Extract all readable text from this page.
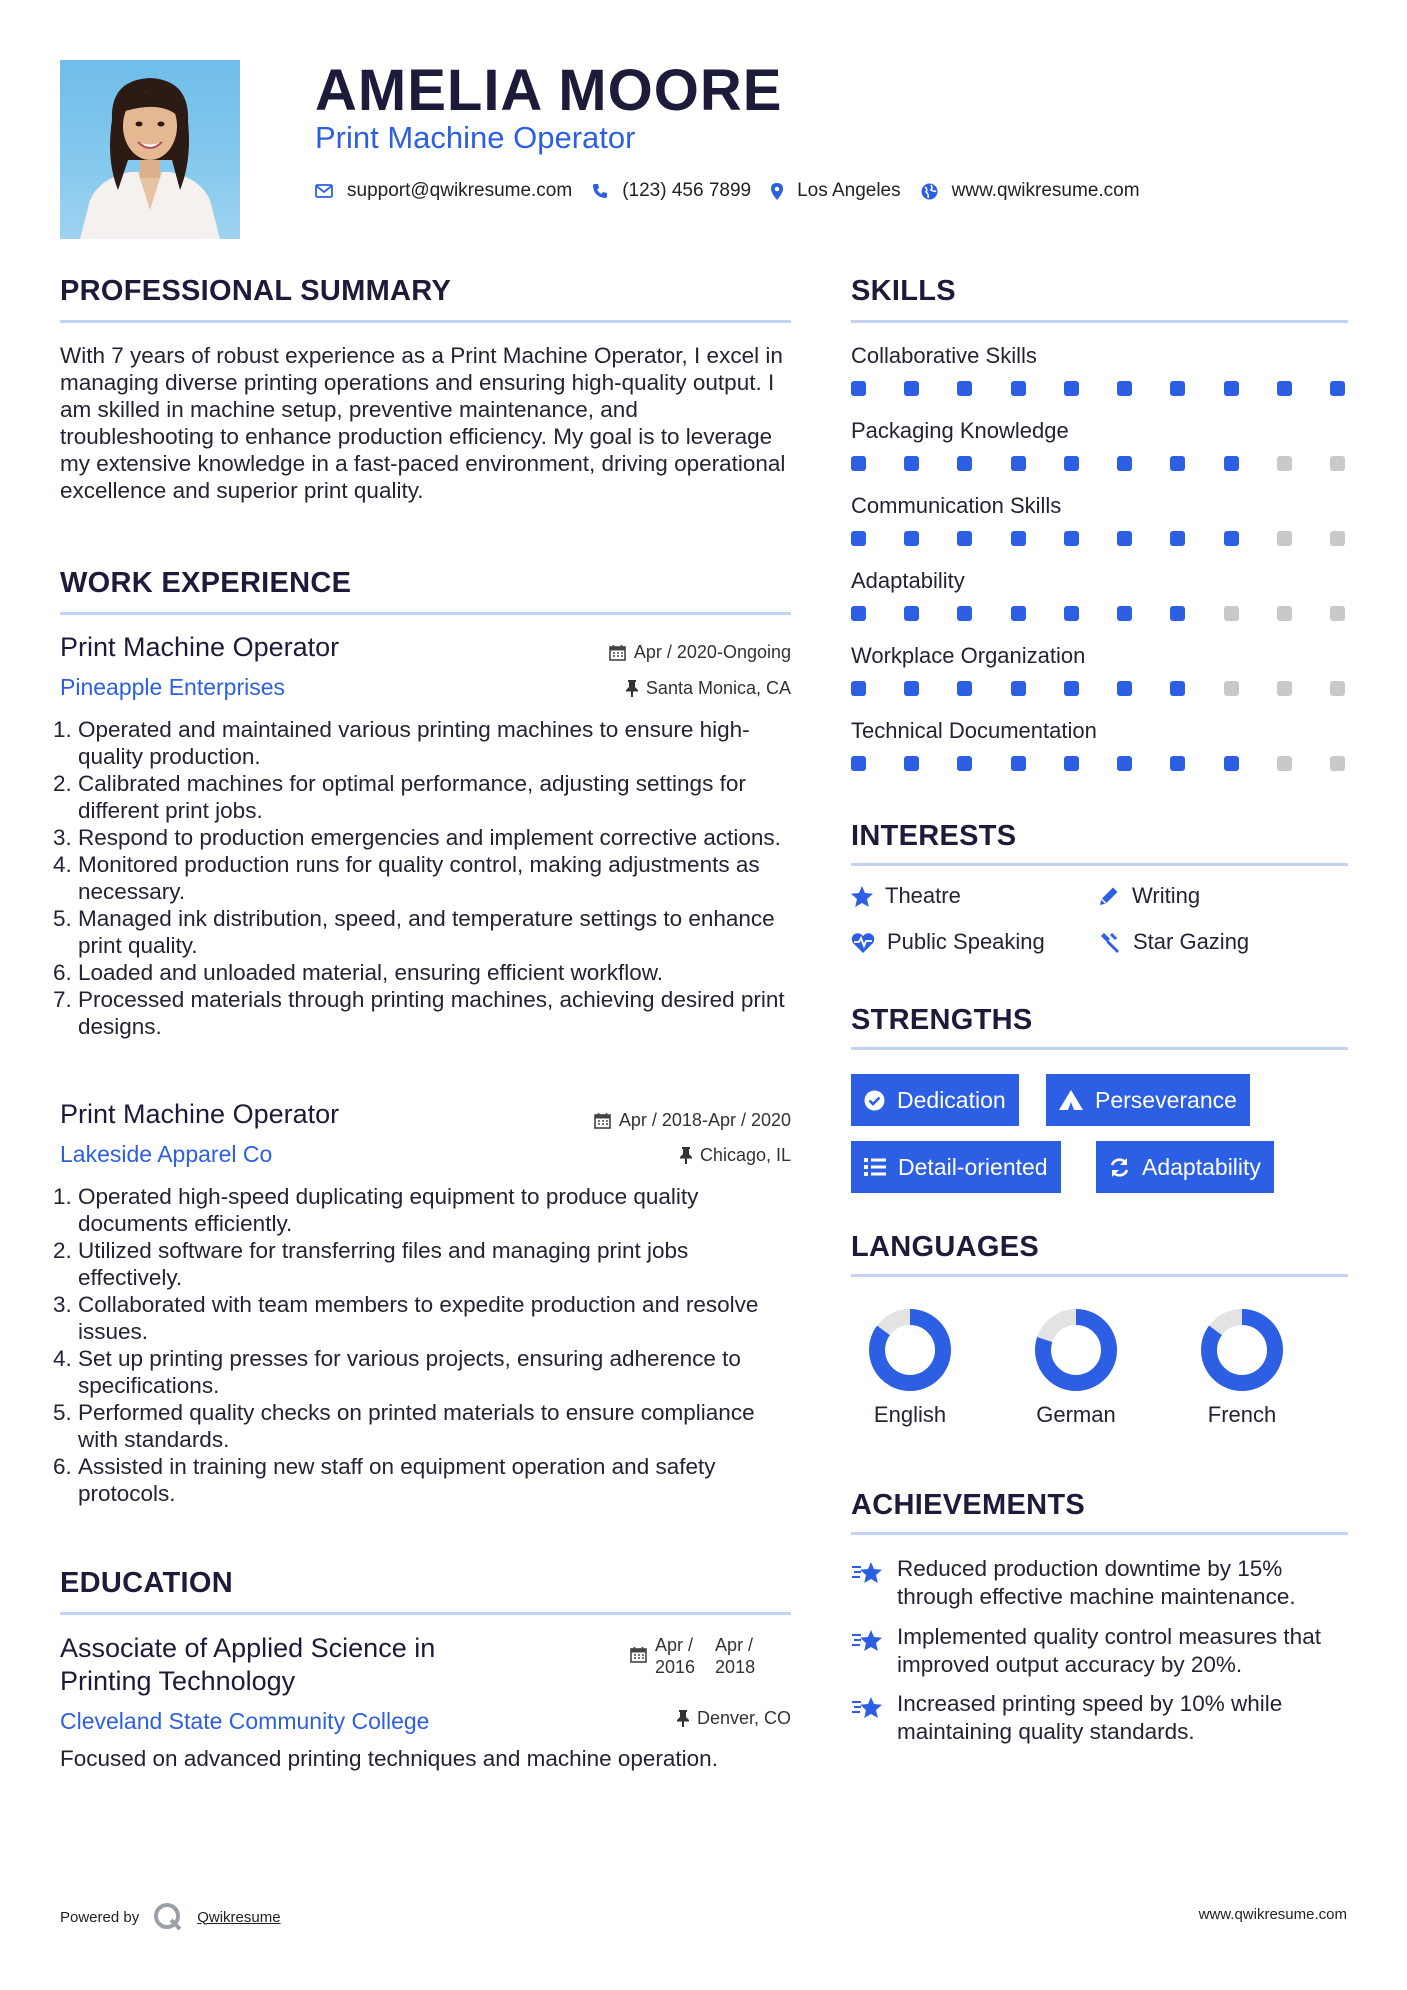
AMELIA MOORE
Print Machine Operator
support@qwikresume.com	(123) 456 7899 Los Angeles	www.qwikresume.com
PROFESSIONAL SUMMARY
With 7 years of robust experience as a Print Machine Operator, I excel in managing diverse printing operations and ensuring high-quality output. I am skilled in machine setup, preventive maintenance, and troubleshooting to enhance production efficiency. My goal is to leverage my extensive knowledge in a fast-paced environment, driving operational excellence and superior print quality.
WORK EXPERIENCE
Print Machine Operator	Apr / 2020-Ongoing
Pineapple Enterprises	Santa Monica, CA
1. Operated and maintained various printing machines to ensure high-quality production.
2. Calibrated machines for optimal performance, adjusting settings for different print jobs.
3. Respond to production emergencies and implement corrective actions.
4. Monitored production runs for quality control, making adjustments as necessary.
5. Managed ink distribution, speed, and temperature settings to enhance print quality.
6. Loaded and unloaded material, ensuring efficient workflow.
7. Processed materials through printing machines, achieving desired print designs.
Print Machine Operator	Apr / 2018-Apr / 2020
Lakeside Apparel Co	Chicago, IL
1. Operated high-speed duplicating equipment to produce quality documents efficiently.
2. Utilized software for transferring files and managing print jobs effectively.
3. Collaborated with team members to expedite production and resolve issues.
4. Set up printing presses for various projects, ensuring adherence to specifications.
5. Performed quality checks on printed materials to ensure compliance with standards.
6. Assisted in training new staff on equipment operation and safety protocols.
EDUCATION
Associate of Applied Science in Printing Technology
Apr /
2016
Apr /
2018
Cleveland State Community College	Denver, CO
Focused on advanced printing techniques and machine operation.
SKILLS
Collaborative Skills
Packaging Knowledge
Communication Skills
Adaptability
Workplace Organization
Technical Documentation
INTERESTS
Theatre	Writing
Public Speaking	Star Gazing
STRENGTHS
Dedication	Perseverance
Detail-oriented	Adaptability
LANGUAGES
English	German	French
ACHIEVEMENTS
Reduced production downtime by 15% through effective machine maintenance.
Implemented quality control measures that improved output accuracy by 20%.
Increased printing speed by 10% while maintaining quality standards.
Powered by	Qwikresume	www.qwikresume.com
